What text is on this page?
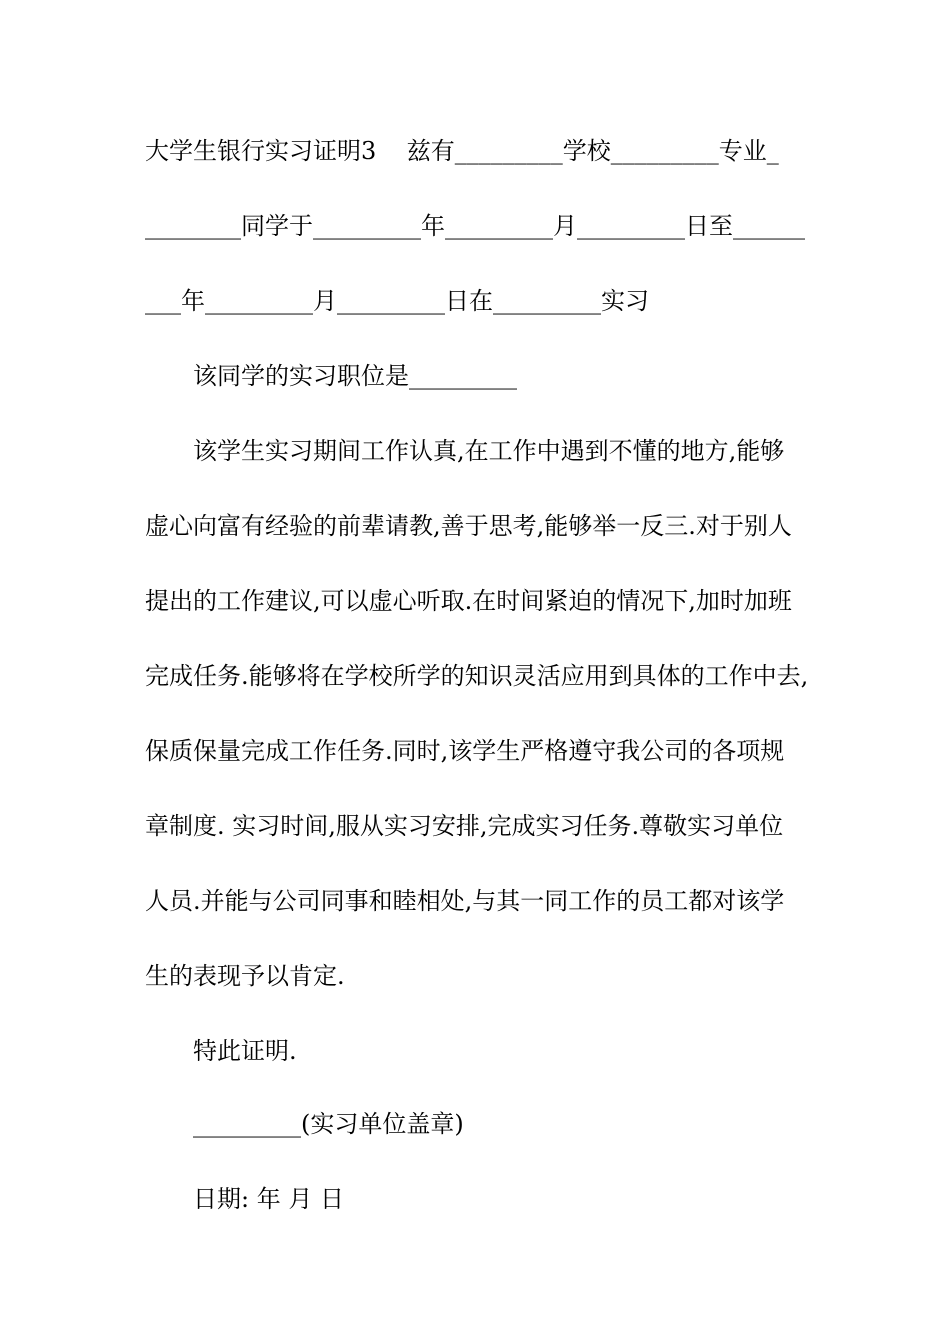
大学生银行实习证明3    兹有_________学校_________专业_
________同学于_________年_________月_________日至______
___年_________月_________日在_________实习
该同学的实习职位是_________
该学生实习期间工作认真,在工作中遇到不懂的地方,能够
虚心向富有经验的前辈请教,善于思考,能够举一反三.对于别人
提出的工作建议,可以虚心听取.在时间紧迫的情况下,加时加班
完成任务.能够将在学校所学的知识灵活应用到具体的工作中去,
保质保量完成工作任务.同时,该学生严格遵守我公司的各项规
章制度. 实习时间,服从实习安排,完成实习任务.尊敬实习单位
人员.并能与公司同事和睦相处,与其一同工作的员工都对该学
生的表现予以肯定.
特此证明.
_________(实习单位盖章)
日期: 年 月 日
